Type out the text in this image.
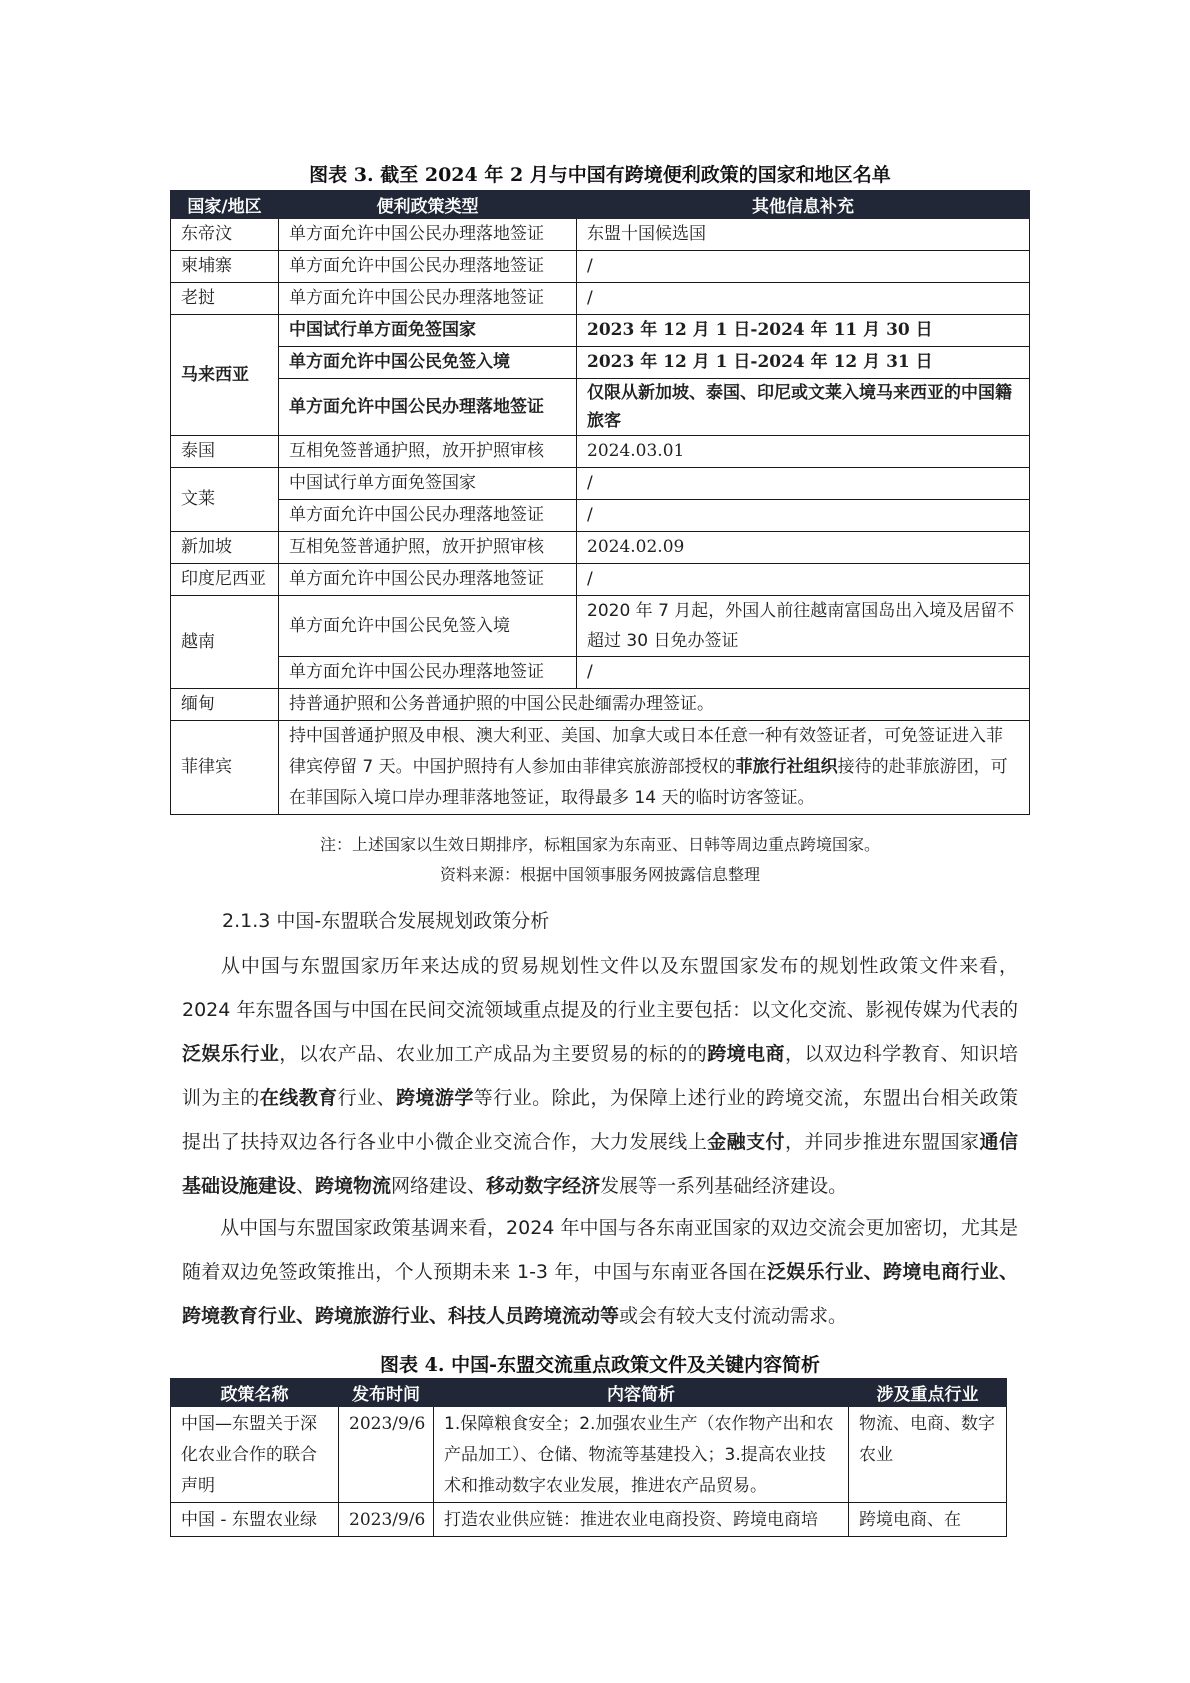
图表 3. 截至 2024 年 2 月与中国有跨境便利政策的国家和地区名单
国家/地区	便利政策类型	其他信息补充
东帝汶	单方面允许中国公民办理落地签证	东盟十国候选国
柬埔寨	单方面允许中国公民办理落地签证	/
老挝	单方面允许中国公民办理落地签证	/
马来西亚	中国试行单方面免签国家	2023 年 12 月 1 日-2024 年 11 月 30 日
	单方面允许中国公民免签入境	2023 年 12 月 1 日-2024 年 12 月 31 日
	单方面允许中国公民办理落地签证	仅限从新加坡、泰国、印尼或文莱入境马来西亚的中国籍旅客
泰国	互相免签普通护照，放开护照审核	2024.03.01
文莱	中国试行单方面免签国家	/
	单方面允许中国公民办理落地签证	/
新加坡	互相免签普通护照，放开护照审核	2024.02.09
印度尼西亚	单方面允许中国公民办理落地签证	/
越南	单方面允许中国公民免签入境	2020 年 7 月起，外国人前往越南富国岛出入境及居留不超过 30 日免办签证
	单方面允许中国公民办理落地签证	/
缅甸	持普通护照和公务普通护照的中国公民赴缅需办理签证。	
菲律宾	持中国普通护照及申根、澳大利亚、美国、加拿大或日本任意一种有效签证者，可免签证进入菲律宾停留 7 天。中国护照持有人参加由菲律宾旅游部授权的菲旅行社组织接待的赴菲旅游团，可在菲国际入境口岸办理菲落地签证，取得最多 14 天的临时访客签证。	
注：上述国家以生效日期排序，标粗国家为东南亚、日韩等周边重点跨境国家。
资料来源：根据中国领事服务网披露信息整理
2.1.3 中国-东盟联合发展规划政策分析
从中国与东盟国家历年来达成的贸易规划性文件以及东盟国家发布的规划性政策文件来看，2024 年东盟各国与中国在民间交流领域重点提及的行业主要包括：以文化交流、影视传媒为代表的泛娱乐行业，以农产品、农业加工产成品为主要贸易的标的的跨境电商，以双边科学教育、知识培训为主的在线教育行业、跨境游学等行业。除此，为保障上述行业的跨境交流，东盟出台相关政策提出了扶持双边各行各业中小微企业交流合作，大力发展线上金融支付，并同步推进东盟国家通信基础设施建设、跨境物流网络建设、移动数字经济发展等一系列基础经济建设。
从中国与东盟国家政策基调来看，2024 年中国与各东南亚国家的双边交流会更加密切，尤其是随着双边免签政策推出，个人预期未来 1-3 年，中国与东南亚各国在泛娱乐行业、跨境电商行业、跨境教育行业、跨境旅游行业、科技人员跨境流动等或会有较大支付流动需求。
图表 4. 中国-东盟交流重点政策文件及关键内容简析
政策名称	发布时间	内容简析	涉及重点行业
中国—东盟关于深化农业合作的联合声明	2023/9/6	1.保障粮食安全；2.加强农业生产（农作物产出和农产品加工）、仓储、物流等基建投入；3.提高农业技术和推动数字农业发展，推进农产品贸易。	物流、电商、数字农业
中国 - 东盟农业绿	2023/9/6	打造农业供应链：推进农业电商投资、跨境电商培	跨境电商、在
